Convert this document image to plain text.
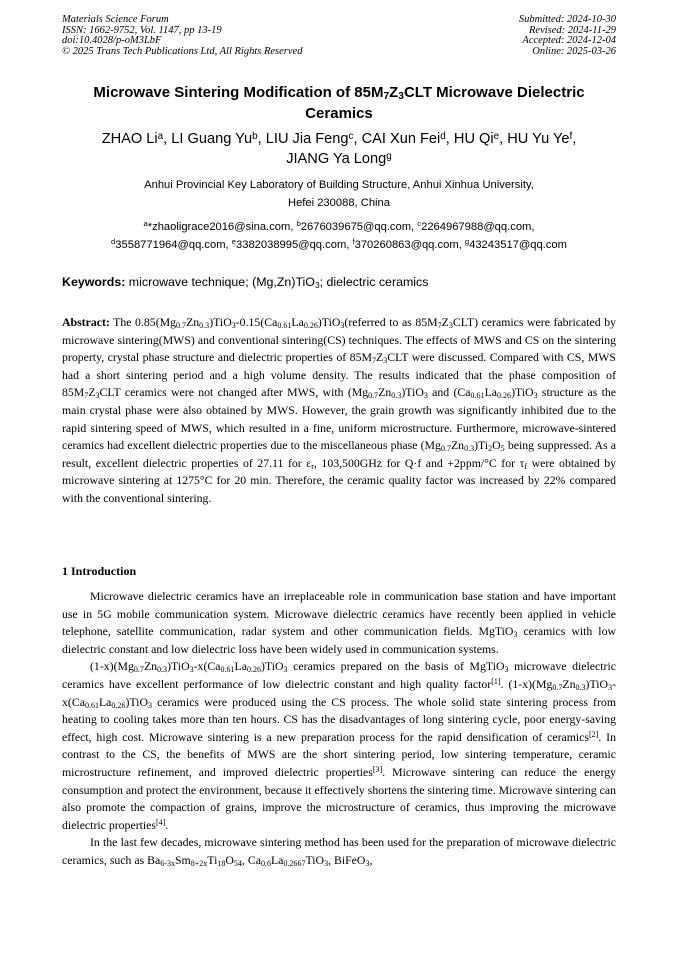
Materials Science Forum
ISSN: 1662-9752, Vol. 1147, pp 13-19
doi:10.4028/p-oM3LbF
© 2025 Trans Tech Publications Ltd, All Rights Reserved
Submitted: 2024-10-30
Revised: 2024-11-29
Accepted: 2024-12-04
Online: 2025-03-26
Microwave Sintering Modification of $85M_7Z_3CLT$ Microwave Dielectric Ceramics
ZHAO Li$^a$, LI Guang Yu$^b$, LIU Jia Feng$^c$, CAI Xun Fei$^d$, HU Qi$^e$, HU Yu Ye$^f$,
JIANG Ya Long$^g$
Anhui Provincial Key Laboratory of Building Structure, Anhui Xinhua University,
Hefei 230088, China
$^a$*zhaoligrace2016@sina.com, $^b$2676039675@qq.com, $^c$2264967988@qq.com,
$^d$3558771964@qq.com, $^e$3382038995@qq.com, $^f$370260863@qq.com, $^g$43243517@qq.com
Keywords: microwave technique; (Mg,Zn)TiO$_3$; dielectric ceramics
Abstract: The $0.85(Mg_{0.7}Zn_{0.3})TiO_3-0.15(Ca_{0.61}La_{0.26})TiO_3(referred$ to as $85M_7Z_3CLT$) ceramics were fabricated by microwave sintering(MWS) and conventional sintering(CS) techniques. The effects of MWS and CS on the sintering property, crystal phase structure and dielectric properties of $85M_7Z_3CLT$ were discussed. Compared with CS, MWS had a short sintering period and a high volume density. The results indicated that the phase composition of $85M_7Z_3CLT$ ceramics were not changed after MWS, with $(Mg_{0.7}Zn_{0.3})TiO_3$ and $(Ca_{0.61}La_{0.26})TiO_3$ structure as the main crystal phase were also obtained by MWS. However, the grain growth was significantly inhibited due to the rapid sintering speed of MWS, which resulted in a fine, uniform microstructure. Furthermore, microwave-sintered ceramics had excellent dielectric properties due to the miscellaneous phase $(Mg_{0.7}Zn_{0.3})Ti_2O_5$ being suppressed. As a result, excellent dielectric properties of 27.11 for $\varepsilon_r$, 103,500GHz for Q·f and +2ppm/°C for $\tau_f$ were obtained by microwave sintering at 1275°C for 20 min. Therefore, the ceramic quality factor was increased by 22% compared with the conventional sintering.
1 Introduction

Microwave dielectric ceramics have an irreplaceable role in communication base station and have important use in 5G mobile communication system. Microwave dielectric ceramics have recently been applied in vehicle telephone, satellite communication, radar system and other communication fields. MgTiO$_3$ ceramics with low dielectric constant and low dielectric loss have been widely used in communication systems.

$(1-x)(Mg_{0.7}Zn_{0.3})TiO_3-x(Ca_{0.61}La_{0.26})TiO_3$ ceramics prepared on the basis of MgTiO$_3$ microwave dielectric ceramics have excellent performance of low dielectric constant and high quality factor[1]. $(1-x)(Mg_{0.7}Zn_{0.3})TiO_3-x(Ca_{0.61}La_{0.26})TiO_3$ ceramics were produced using the CS process. The whole solid state sintering process from heating to cooling takes more than ten hours. CS has the disadvantages of long sintering cycle, poor energy-saving effect, high cost. Microwave sintering is a new preparation process for the rapid densification of ceramics[2]. In contrast to the CS, the benefits of MWS are the short sintering period, low sintering temperature, ceramic microstructure refinement, and improved dielectric properties[3]. Microwave sintering can reduce the energy consumption and protect the environment, because it effectively shortens the sintering time. Microwave sintering can also promote the compaction of grains, improve the microstructure of ceramics, thus improving the microwave dielectric properties[4].

In the last few decades, microwave sintering method has been used for the preparation of microwave dielectric ceramics, such as $Ba_{6-3x}Sm_{8+2x}Ti_{18}O_{54}$, $Ca_{0.6}La_{0.2667}TiO_3$, BiFeO$_3$,
